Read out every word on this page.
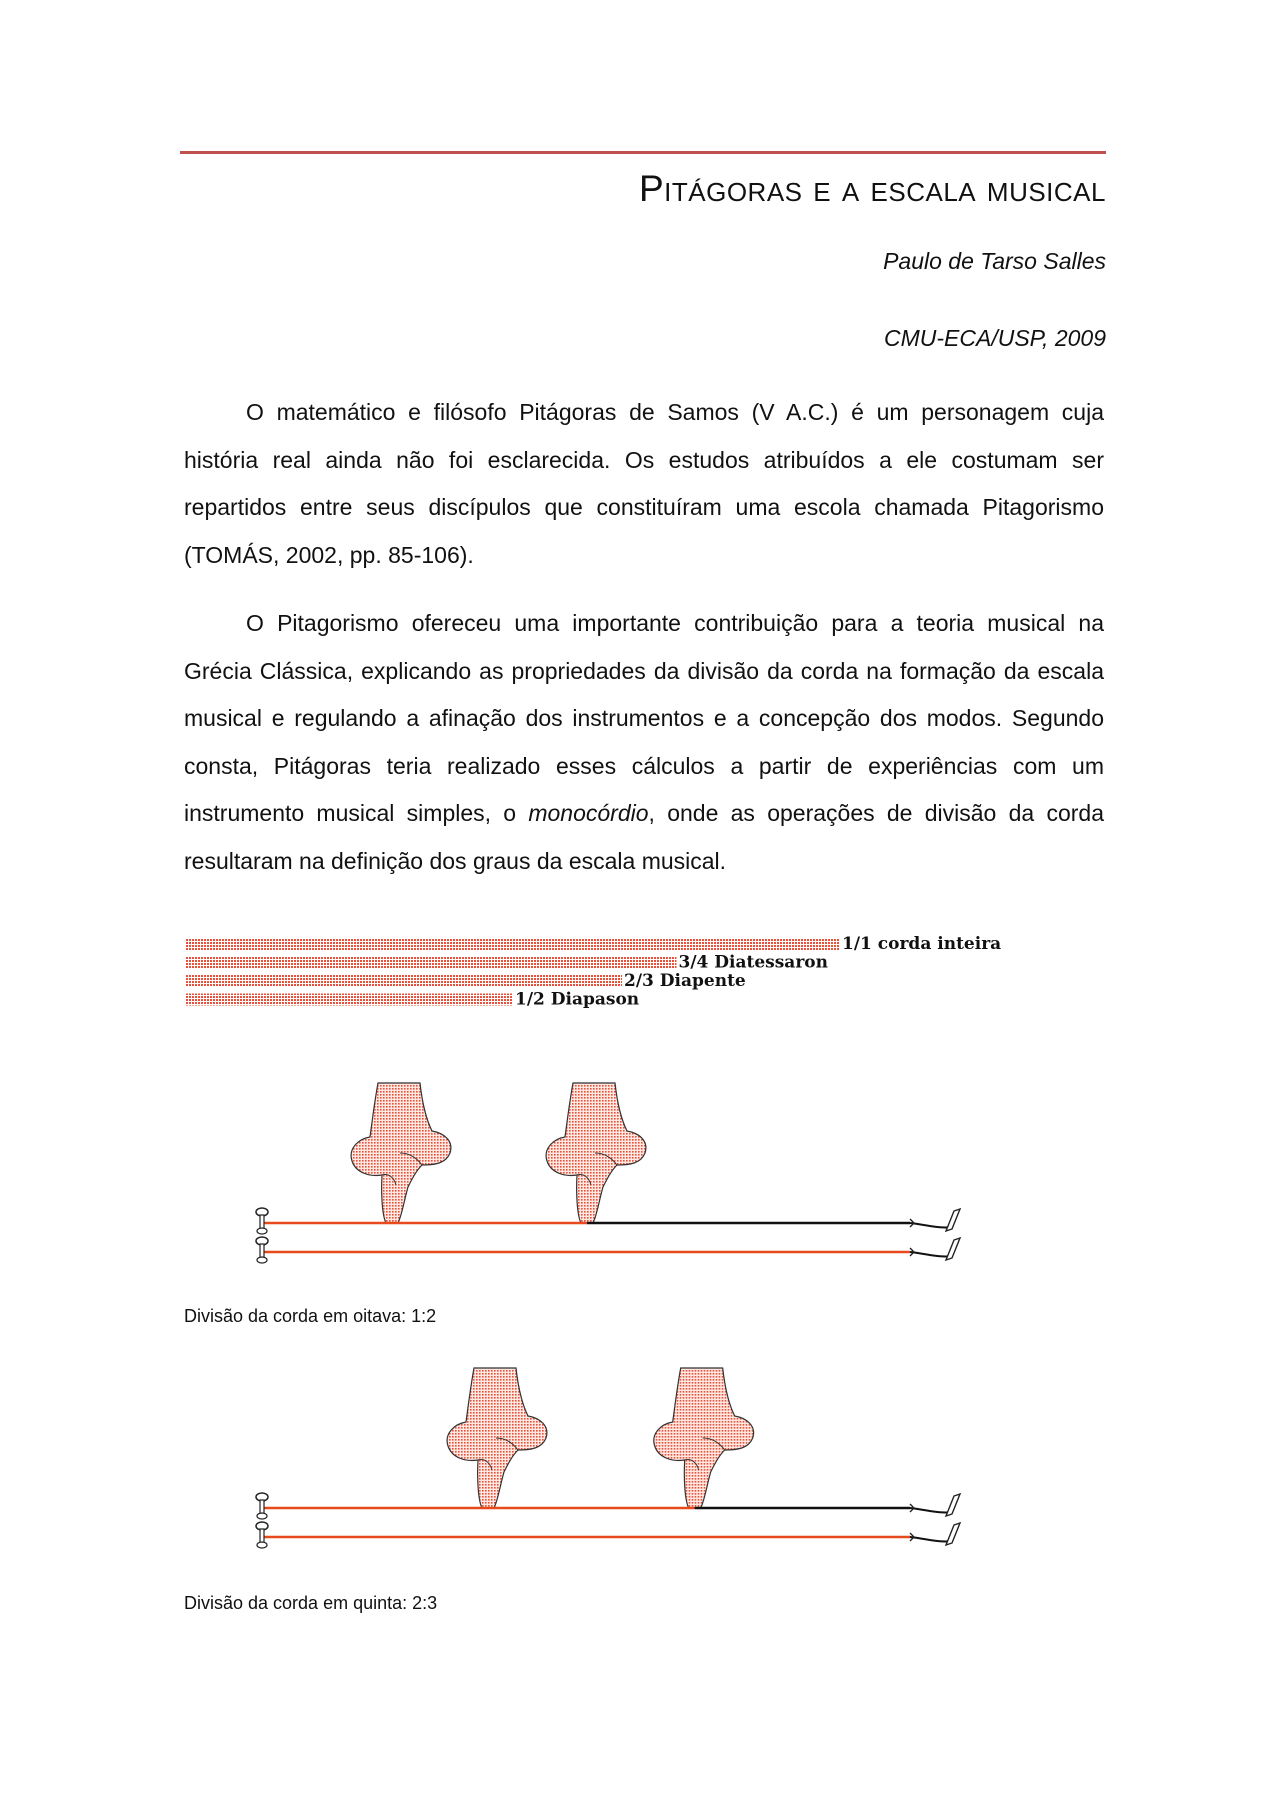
Pitágoras e a escala musical
Paulo de Tarso Salles
CMU-ECA/USP, 2009

O matemático e filósofo Pitágoras de Samos (V A.C.) é um personagem cuja história real ainda não foi esclarecida. Os estudos atribuídos a ele costumam ser repartidos entre seus discípulos que constituíram uma escola chamada Pitagorismo (TOMÁS, 2002, pp. 85-106).

O Pitagorismo ofereceu uma importante contribuição para a teoria musical na Grécia Clássica, explicando as propriedades da divisão da corda na formação da escala musical e regulando a afinação dos instrumentos e a concepção dos modos. Segundo consta, Pitágoras teria realizado esses cálculos a partir de experiências com um instrumento musical simples, o monocórdio, onde as operações de divisão da corda resultaram na definição dos graus da escala musical.

1/1 corda inteira
3/4 Diatessaron
2/3 Diapente
1/2 Diapason
Divisão da corda em oitava: 1:2
Divisão da corda em quinta: 2:3
